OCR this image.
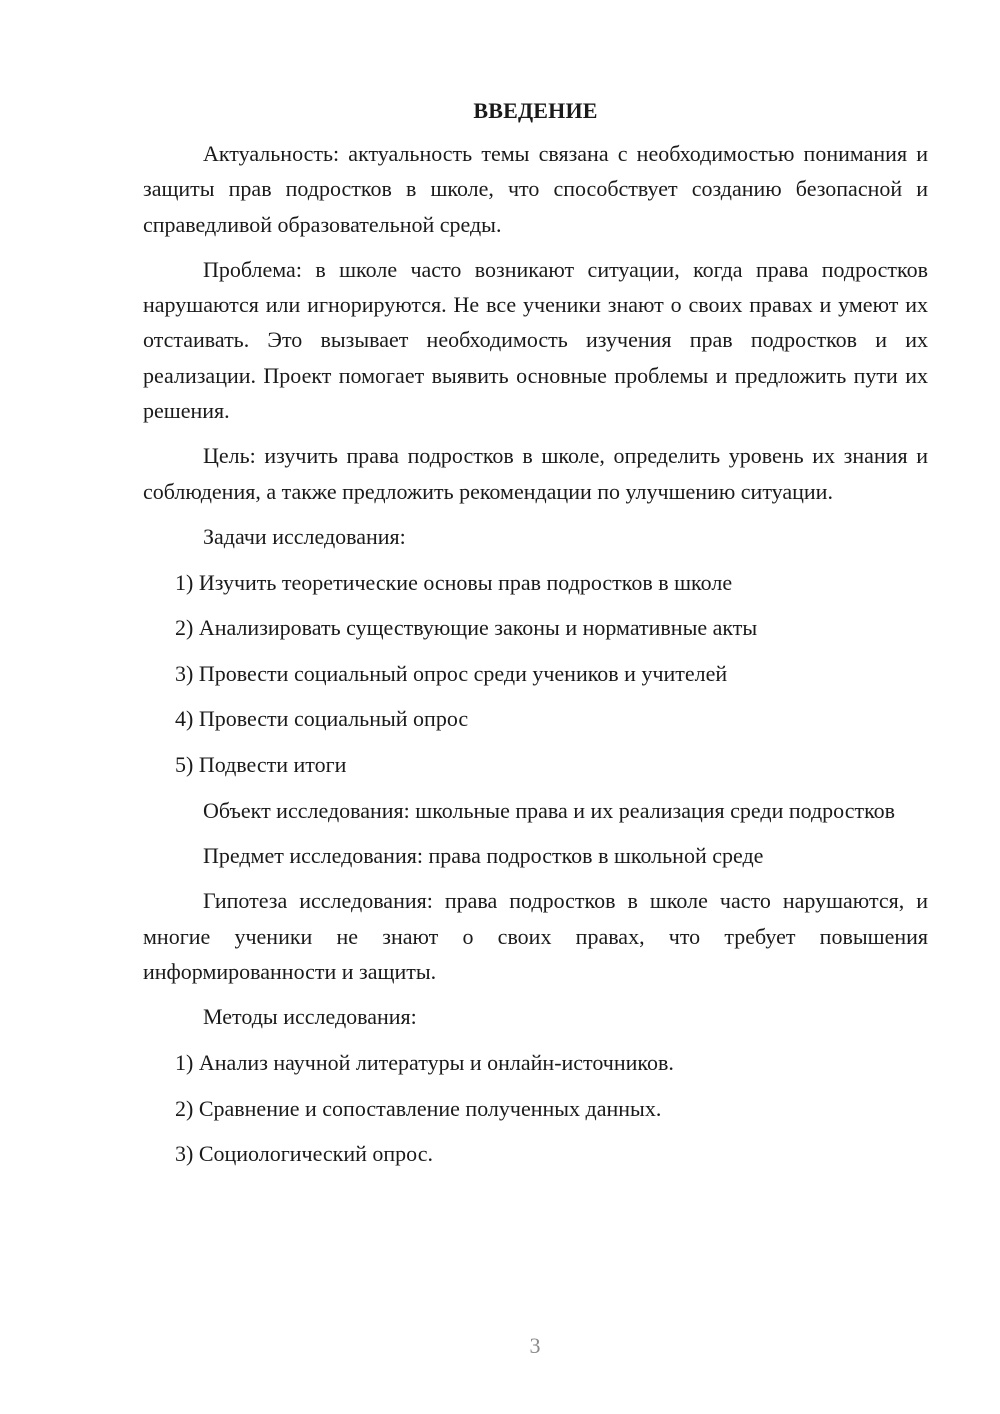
ВВЕДЕНИЕ

Актуальность: актуальность темы связана с необходимостью понимания и защиты прав подростков в школе, что способствует созданию безопасной и справедливой образовательной среды.

Проблема: в школе часто возникают ситуации, когда права подростков нарушаются или игнорируются. Не все ученики знают о своих правах и умеют их отстаивать. Это вызывает необходимость изучения прав подростков и их реализации. Проект помогает выявить основные проблемы и предложить пути их решения.

Цель: изучить права подростков в школе, определить уровень их знания и соблюдения, а также предложить рекомендации по улучшению ситуации.

Задачи исследования:

1) Изучить теоретические основы прав подростков в школе
2) Анализировать существующие законы и нормативные акты
3) Провести социальный опрос среди учеников и учителей
4) Провести социальный опрос
5) Подвести итоги

Объект исследования: школьные права и их реализация среди подростков

Предмет исследования: права подростков в школьной среде

Гипотеза исследования: права подростков в школе часто нарушаются, и многие ученики не знают о своих правах, что требует повышения информированности и защиты.

Методы исследования:

1) Анализ научной литературы и онлайн-источников.
2) Сравнение и сопоставление полученных данных.
3) Социологический опрос.
3
